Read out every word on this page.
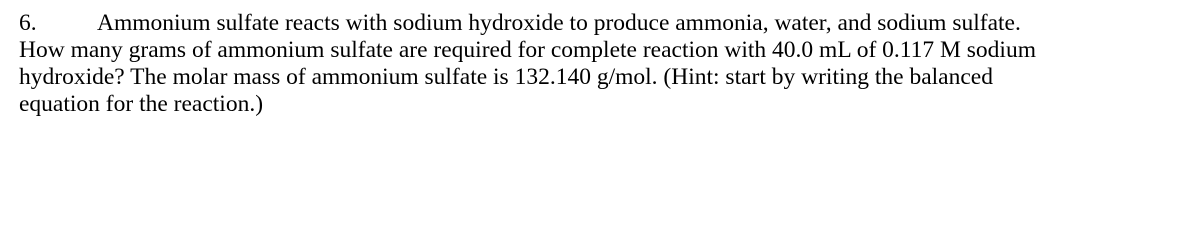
6.	Ammonium sulfate reacts with sodium hydroxide to produce ammonia, water, and sodium sulfate.
How many grams of ammonium sulfate are required for complete reaction with 40.0 mL of 0.117 M sodium
hydroxide? The molar mass of ammonium sulfate is 132.140 g/mol. (Hint: start by writing the balanced
equation for the reaction.)
